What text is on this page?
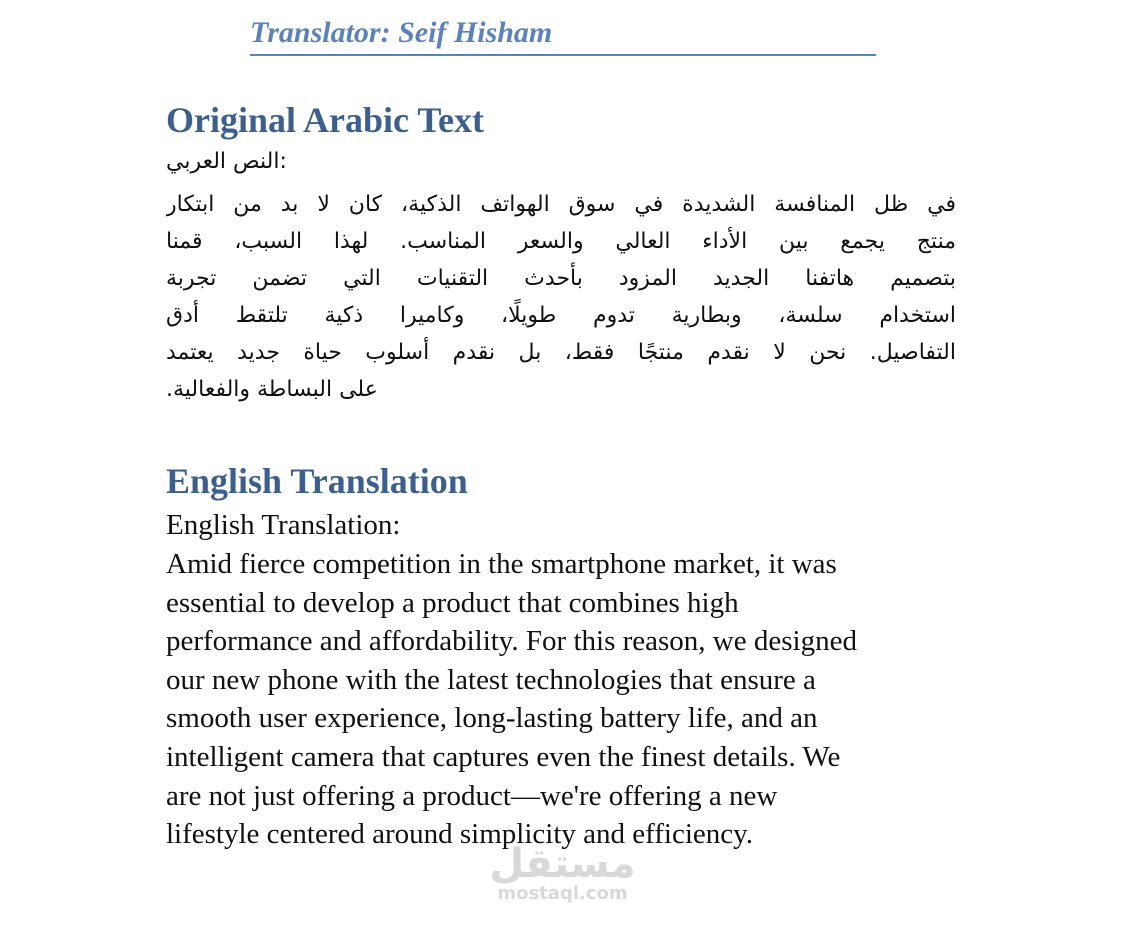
Translator: Seif Hisham
Original Arabic Text
النص العربي:
في ظل المنافسة الشديدة في سوق الهواتف الذكية، كان لا بد من ابتكار
منتج يجمع بين الأداء العالي والسعر المناسب. لهذا السبب، قمنا
بتصميم هاتفنا الجديد المزود بأحدث التقنيات التي تضمن تجربة
استخدام سلسة، وبطارية تدوم طويلًا، وكاميرا ذكية تلتقط أدق
التفاصيل. نحن لا نقدم منتجًا فقط، بل نقدم أسلوب حياة جديد يعتمد
على البساطة والفعالية.
English Translation
English Translation:
Amid fierce competition in the smartphone market, it was
essential to develop a product that combines high
performance and affordability. For this reason, we designed
our new phone with the latest technologies that ensure a
smooth user experience, long-lasting battery life, and an
intelligent camera that captures even the finest details. We
are not just offering a product—we're offering a new
lifestyle centered around simplicity and efficiency.
مستقل
mostaql.com
